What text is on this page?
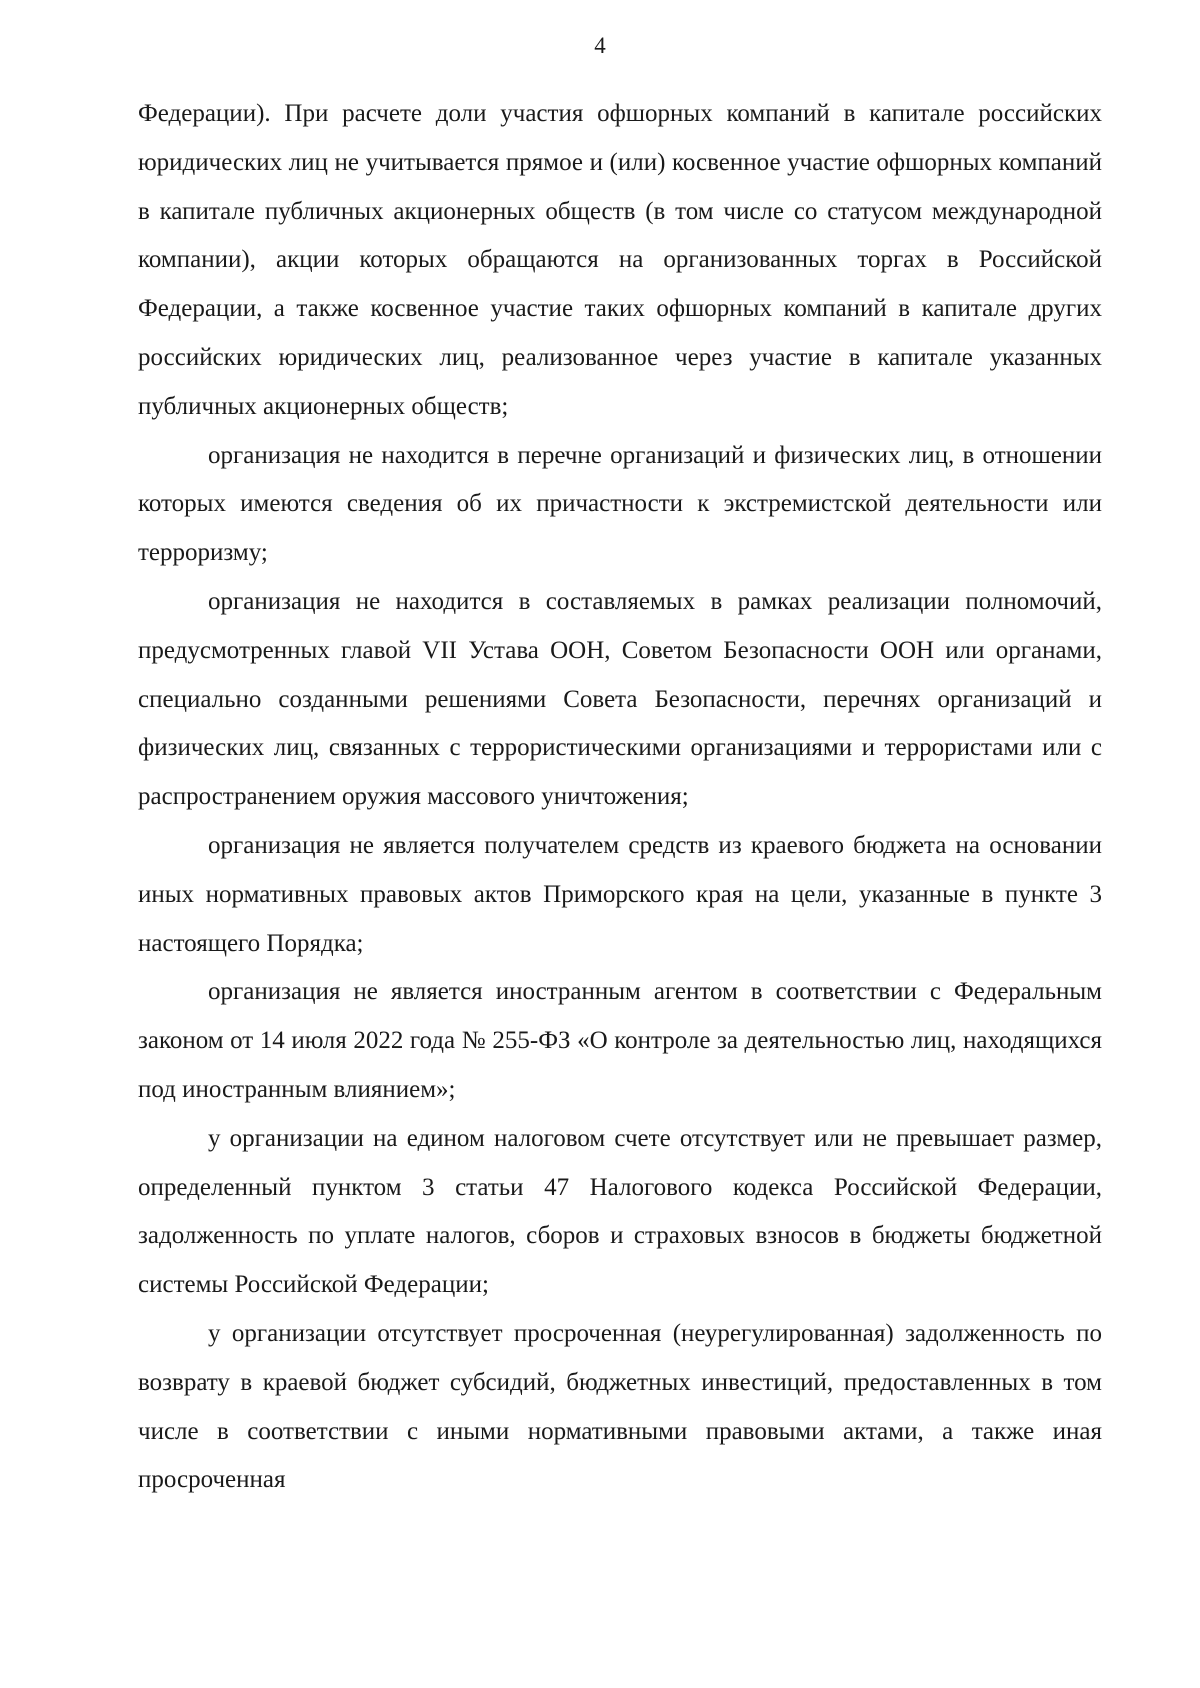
4

Федерации). При расчете доли участия офшорных компаний в капитале российских юридических лиц не учитывается прямое и (или) косвенное участие офшорных компаний в капитале публичных акционерных обществ (в том числе со статусом международной компании), акции которых обращаются на организованных торгах в Российской Федерации, а также косвенное участие таких офшорных компаний в капитале других российских юридических лиц, реализованное через участие в капитале указанных публичных акционерных обществ;

организация не находится в перечне организаций и физических лиц, в отношении которых имеются сведения об их причастности к экстремистской деятельности или терроризму;

организация не находится в составляемых в рамках реализации полномочий, предусмотренных главой VII Устава ООН, Советом Безопасности ООН или органами, специально созданными решениями Совета Безопасности, перечнях организаций и физических лиц, связанных с террористическими организациями и террористами или с распространением оружия массового уничтожения;

организация не является получателем средств из краевого бюджета на основании иных нормативных правовых актов Приморского края на цели, указанные в пункте 3 настоящего Порядка;

организация не является иностранным агентом в соответствии с Федеральным законом от 14 июля 2022 года № 255-ФЗ «О контроле за деятельностью лиц, находящихся под иностранным влиянием»;

у организации на едином налоговом счете отсутствует или не превышает размер, определенный пунктом 3 статьи 47 Налогового кодекса Российской Федерации, задолженность по уплате налогов, сборов и страховых взносов в бюджеты бюджетной системы Российской Федерации;

у организации отсутствует просроченная (неурегулированная) задолженность по возврату в краевой бюджет субсидий, бюджетных инвестиций, предоставленных в том числе в соответствии с иными нормативными правовыми актами, а также иная просроченная
